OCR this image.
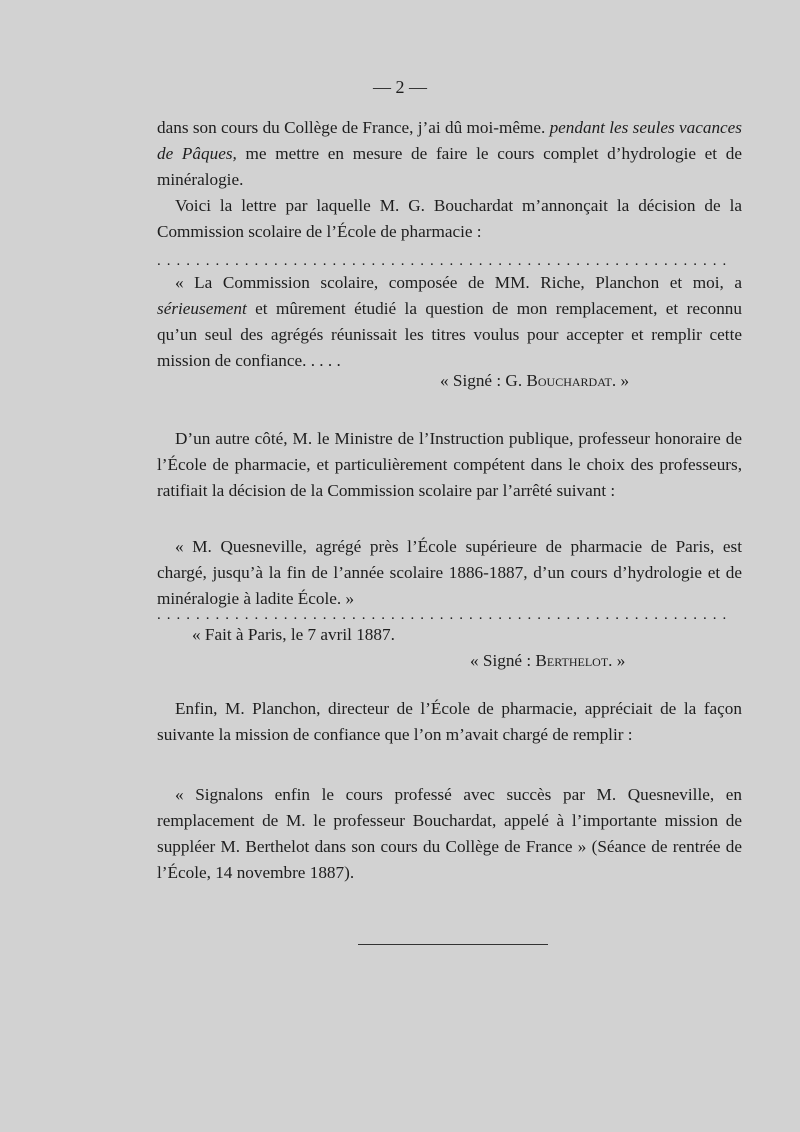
— 2 —

dans son cours du Collège de France, j’ai dû moi-même. pendant les seules vacances de Pâques, me mettre en mesure de faire le cours complet d’hydrologie et de minéralogie.

Voici la lettre par laquelle M. G. Bouchardat m’annonçait la décision de la Commission scolaire de l’École de pharmacie :

...........................................................

« La Commission scolaire, composée de MM. Riche, Planchon et moi, a sérieusement et mûrement étudié la question de mon remplacement, et reconnu qu’un seul des agrégés réunissait les titres voulus pour accepter et remplir cette mission de confiance. . . . .

« Signé : G. Bouchardat. »

D’un autre côté, M. le Ministre de l’Instruction publique, professeur honoraire de l’École de pharmacie, et particulièrement compétent dans le choix des professeurs, ratifiait la décision de la Commission scolaire par l’arrêté suivant :

« M. Quesneville, agrégé près l’École supérieure de pharmacie de Paris, est chargé, jusqu’à la fin de l’année scolaire 1886-1887, d’un cours d’hydrologie et de minéralogie à ladite École. »

...........................................................
« Fait à Paris, le 7 avril 1887.
« Signé : Berthelot. »

Enfin, M. Planchon, directeur de l’École de pharmacie, appréciait de la façon suivante la mission de confiance que l’on m’avait chargé de remplir :

« Signalons enfin le cours professé avec succès par M. Quesneville, en remplacement de M. le professeur Bouchardat, appelé à l’importante mission de suppléer M. Berthelot dans son cours du Collège de France » (Séance de rentrée de l’École, 14 novembre 1887).
